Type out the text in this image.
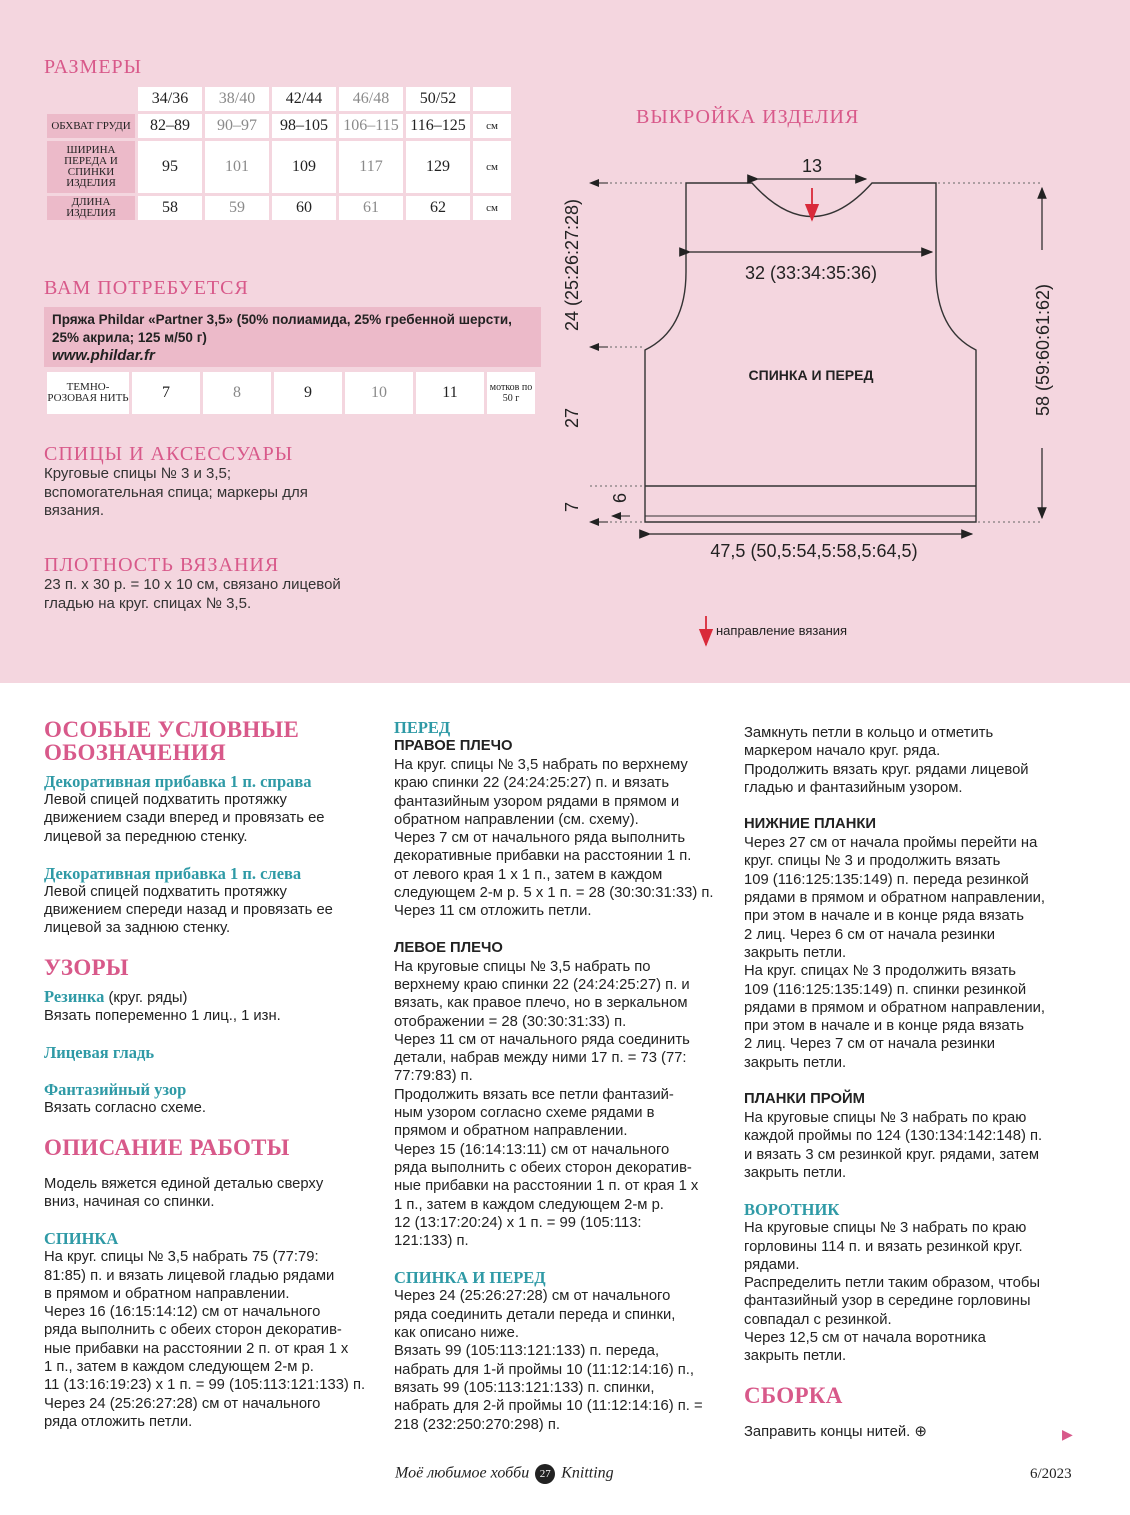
РАЗМЕРЫ
	34/36	38/40	42/44	46/48	50/52	
ОБХВАТ ГРУДИ	82–89	90–97	98–105	106–115	116–125	см
ШИРИНА ПЕРЕДА И СПИНКИ ИЗДЕЛИЯ	95	101	109	117	129	см
ДЛИНА ИЗДЕЛИЯ	58	59	60	61	62	см
ВАМ ПОТРЕБУЕТСЯ
Пряжа Phildar «Partner 3,5» (50% полиамида, 25% гребенной шерсти,
25% акрила; 125 м/50 г)
www.phildar.fr
ТЕМНО-РОЗОВАЯ НИТЬ	7	8	9	10	11	мотков по 50 г
СПИЦЫ И АКСЕССУАРЫ
Круговые спицы № 3 и 3,5;
вспомогательная спица; маркеры для
вязания.
ПЛОТНОСТЬ ВЯЗАНИЯ
23 п. х 30 р. = 10 х 10 см, связано лицевой
гладью на круг. спицах № 3,5.
ВЫКРОЙКА ИЗДЕЛИЯ
13
32 (33:34:35:36)
24 (25:26:27:28)
27
7
6
СПИНКА И ПЕРЕД
47,5 (50,5:54,5:58,5:64,5)
58 (59:60:61:62)
направление вязания
ОСОБЫЕ УСЛОВНЫЕ ОБОЗНАЧЕНИЯ
Декоративная прибавка 1 п. справа

Левой спицей подхватить протяжку
движением сзади вперед и провязать ее
лицевой за переднюю стенку.

Декоративная прибавка 1 п. слева

Левой спицей подхватить протяжку
движением спереди назад и провязать ее
лицевой за заднюю стенку.

УЗОРЫ
Резинка (круг. ряды)

Вязать попеременно 1 лиц., 1 изн.

Лицевая гладь
Фантазийный узор

Вязать согласно схеме.

ОПИСАНИЕ РАБОТЫ

Модель вяжется единой деталью сверху
вниз, начиная со спинки.

СПИНКА

На круг. спицы № 3,5 набрать 75 (77:79:
81:85) п. и вязать лицевой гладью рядами
в прямом и обратном направлении.
Через 16 (16:15:14:12) см от начального
ряда выполнить с обеих сторон декоратив-
ные прибавки на расстоянии 2 п. от края 1 х
1 п., затем в каждом следующем 2-м р.
11 (13:16:19:23) х 1 п. = 99 (105:113:121:133) п.
Через 24 (25:26:27:28) см от начального
ряда отложить петли.

ПЕРЕД
ПРАВОЕ ПЛЕЧО

На круг. спицы № 3,5 набрать по верхнему
краю спинки 22 (24:24:25:27) п. и вязать
фантазийным узором рядами в прямом и
обратном направлении (см. схему).
Через 7 см от начального ряда выполнить
декоративные прибавки на расстоянии 1 п.
от левого края 1 х 1 п., затем в каждом
следующем 2-м р. 5 х 1 п. = 28 (30:30:31:33) п.
Через 11 см отложить петли.

ЛЕВОЕ ПЛЕЧО

На круговые спицы № 3,5 набрать по
верхнему краю спинки 22 (24:24:25:27) п. и
вязать, как правое плечо, но в зеркальном
отображении = 28 (30:30:31:33) п.
Через 11 см от начального ряда соединить
детали, набрав между ними 17 п. = 73 (77:
77:79:83) п.
Продолжить вязать все петли фантазий-
ным узором согласно схеме рядами в
прямом и обратном направлении.
Через 15 (16:14:13:11) см от начального
ряда выполнить с обеих сторон декоратив-
ные прибавки на расстоянии 1 п. от края 1 х
1 п., затем в каждом следующем 2-м р.
12 (13:17:20:24) х 1 п. = 99 (105:113:
121:133) п.

СПИНКА И ПЕРЕД

Через 24 (25:26:27:28) см от начального
ряда соединить детали переда и спинки,
как описано ниже.
Вязать 99 (105:113:121:133) п. переда,
набрать для 1-й проймы 10 (11:12:14:16) п.,
вязать 99 (105:113:121:133) п. спинки,
набрать для 2-й проймы 10 (11:12:14:16) п. =
218 (232:250:270:298) п.

Замкнуть петли в кольцо и отметить
маркером начало круг. ряда.
Продолжить вязать круг. рядами лицевой
гладью и фантазийным узором.

НИЖНИЕ ПЛАНКИ

Через 27 см от начала проймы перейти на
круг. спицы № 3 и продолжить вязать
109 (116:125:135:149) п. переда резинкой
рядами в прямом и обратном направлении,
при этом в начале и в конце ряда вязать
2 лиц. Через 6 см от начала резинки
закрыть петли.
На круг. спицах № 3 продолжить вязать
109 (116:125:135:149) п. спинки резинкой
рядами в прямом и обратном направлении,
при этом в начале и в конце ряда вязать
2 лиц. Через 7 см от начала резинки
закрыть петли.

ПЛАНКИ ПРОЙМ

На круговые спицы № 3 набрать по краю
каждой проймы по 124 (130:134:142:148) п.
и вязать 3 см резинкой круг. рядами, затем
закрыть петли.

ВОРОТНИК

На круговые спицы № 3 набрать по краю
горловины 114 п. и вязать резинкой круг.
рядами.
Распределить петли таким образом, чтобы
фантазийный узор в середине горловины
совпадал с резинкой.
Через 12,5 см от начала воротника
закрыть петли.

СБОРКА

Заправить концы нитей. ⊕	▶
Моё любимое хобби 27 Knitting	6/2023
